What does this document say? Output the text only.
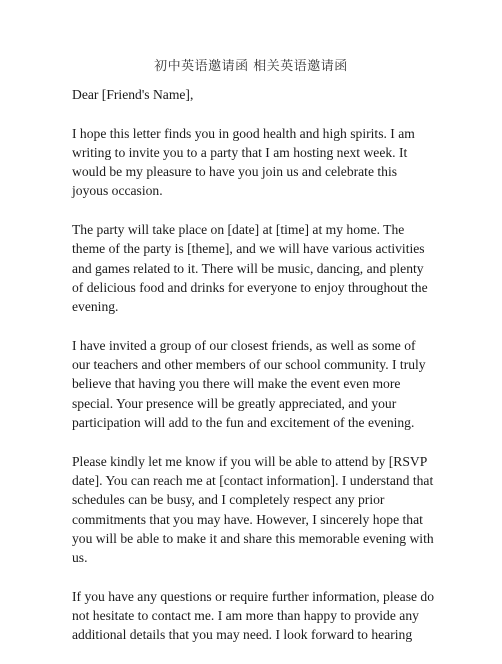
初中英语邀请函 相关英语邀请函

Dear [Friend's Name],

I hope this letter finds you in good health and high spirits. I am writing to invite you to a party that I am hosting next week. It would be my pleasure to have you join us and celebrate this joyous occasion.

The party will take place on [date] at [time] at my home. The theme of the party is [theme], and we will have various activities and games related to it. There will be music, dancing, and plenty of delicious food and drinks for everyone to enjoy throughout the evening.

I have invited a group of our closest friends, as well as some of our teachers and other members of our school community. I truly believe that having you there will make the event even more special. Your presence will be greatly appreciated, and your participation will add to the fun and excitement of the evening.

Please kindly let me know if you will be able to attend by [RSVP date]. You can reach me at [contact information]. I understand that schedules can be busy, and I completely respect any prior commitments that you may have. However, I sincerely hope that you will be able to make it and share this memorable evening with us.

If you have any questions or require further information, please do not hesitate to contact me. I am more than happy to provide any additional details that you may need. I look forward to hearing
